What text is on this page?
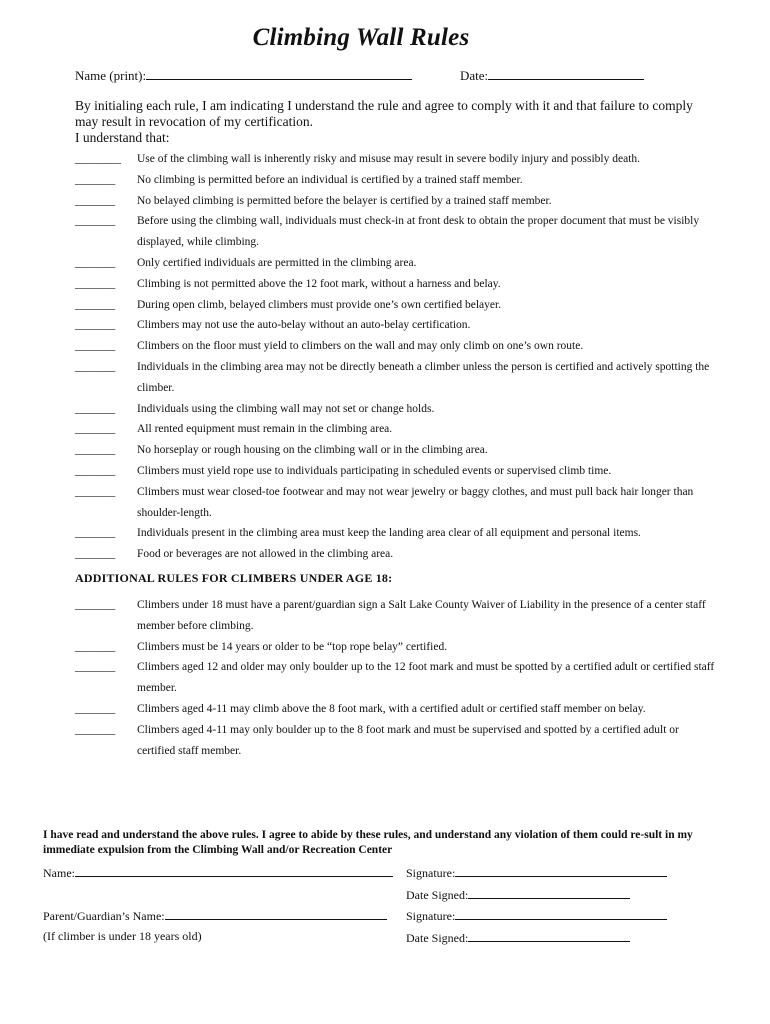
Climbing Wall Rules
Name (print):	Date:
By initialing each rule, I am indicating I understand the rule and agree to comply with it and that failure to comply may result in revocation of my certification.
I understand that:
________	Use of the climbing wall is inherently risky and misuse may result in severe bodily injury and possibly death.
_______	No climbing is permitted before an individual is certified by a trained staff member.
_______	No belayed climbing is permitted before the belayer is certified by a trained staff member.
_______	Before using the climbing wall, individuals must check-in at front desk to obtain the proper document that must be visibly displayed, while climbing.
_______	Only certified individuals are permitted in the climbing area.
_______	Climbing is not permitted above the 12 foot mark, without a harness and belay.
_______	During open climb, belayed climbers must provide one’s own certified belayer.
_______	Climbers may not use the auto-belay without an auto-belay certification.
_______	Climbers on the floor must yield to climbers on the wall and may only climb on one’s own route.
_______	Individuals in the climbing area may not be directly beneath a climber unless the person is certified and actively spotting the climber.
_______	Individuals using the climbing wall may not set or change holds.
_______	All rented equipment must remain in the climbing area.
_______	No horseplay or rough housing on the climbing wall or in the climbing area.
_______	Climbers must yield rope use to individuals participating in scheduled events or supervised climb time.
_______	Climbers must wear closed-toe footwear and may not wear jewelry or baggy clothes, and must pull back hair longer than shoulder-length.
_______	Individuals present in the climbing area must keep the landing area clear of all equipment and personal items.
_______	Food or beverages are not allowed in the climbing area.
ADDITIONAL RULES FOR CLIMBERS UNDER AGE 18:
_______	Climbers under 18 must have a parent/guardian sign a Salt Lake County Waiver of Liability in the presence of a center staff member before climbing.
_______	Climbers must be 14 years or older to be “top rope belay” certified.
_______	Climbers aged 12 and older may only boulder up to the 12 foot mark and must be spotted by a certified adult or certified staff member.
_______	Climbers aged 4-11 may climb above the 8 foot mark, with a certified adult or certified staff member on belay.
_______	Climbers aged 4-11 may only boulder up to the 8 foot mark and must be supervised and spotted by a certified adult or certified staff member.
I have read and understand the above rules. I agree to abide by these rules, and understand any violation of them could re-sult in my immediate expulsion from the Climbing Wall and/or Recreation Center
Name:	Signature:
Date Signed:
Parent/Guardian’s Name:	Signature:
(If climber is under 18 years old)	Date Signed:
